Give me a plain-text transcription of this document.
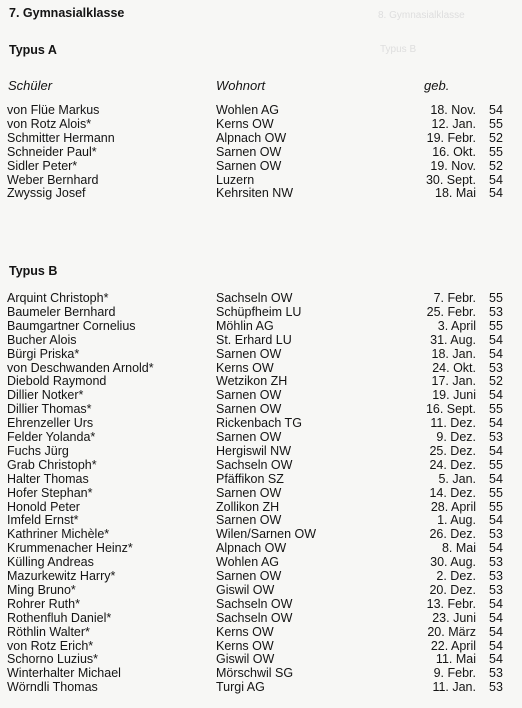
8. Gymnasialklasse
Typus B
7. Gymnasialklasse
Typus A
Schüler	Wohnort	geb.
von Flüe Markus	Wohlen AG	18. Nov. 54
von Rotz Alois*	Kerns OW	12. Jan. 55
Schmitter Hermann	Alpnach OW	19. Febr. 52
Schneider Paul*	Sarnen OW	16. Okt. 55
Sidler Peter*	Sarnen OW	19. Nov. 52
Weber Bernhard	Luzern	30. Sept. 54
Zwyssig Josef	Kehrsiten NW	18. Mai 54
Typus B
Arquint Christoph*	Sachseln OW	7. Febr. 55
Baumeler Bernhard	Schüpfheim LU	25. Febr. 53
Baumgartner Cornelius	Möhlin AG	3. April 55
Bucher Alois	St. Erhard LU	31. Aug. 54
Bürgi Priska*	Sarnen OW	18. Jan. 54
von Deschwanden Arnold*	Kerns OW	24. Okt. 53
Diebold Raymond	Wetzikon ZH	17. Jan. 52
Dillier Notker*	Sarnen OW	19. Juni 54
Dillier Thomas*	Sarnen OW	16. Sept. 55
Ehrenzeller Urs	Rickenbach TG	11. Dez. 54
Felder Yolanda*	Sarnen OW	9. Dez. 53
Fuchs Jürg	Hergiswil NW	25. Dez. 54
Grab Christoph*	Sachseln OW	24. Dez. 55
Halter Thomas	Pfäffikon SZ	5. Jan. 54
Hofer Stephan*	Sarnen OW	14. Dez. 55
Honold Peter	Zollikon ZH	28. April 55
Imfeld Ernst*	Sarnen OW	1. Aug. 54
Kathriner Michèle*	Wilen/Sarnen OW	26. Dez. 53
Krummenacher Heinz*	Alpnach OW	8. Mai 54
Külling Andreas	Wohlen AG	30. Aug. 53
Mazurkewitz Harry*	Sarnen OW	2. Dez. 53
Ming Bruno*	Giswil OW	20. Dez. 53
Rohrer Ruth*	Sachseln OW	13. Febr. 54
Rothenfluh Daniel*	Sachseln OW	23. Juni 54
Röthlin Walter*	Kerns OW	20. März 54
von Rotz Erich*	Kerns OW	22. April 54
Schorno Luzius*	Giswil OW	11. Mai 54
Winterhalter Michael	Mörschwil SG	9. Febr. 53
Wörndli Thomas	Turgi AG	11. Jan. 53
